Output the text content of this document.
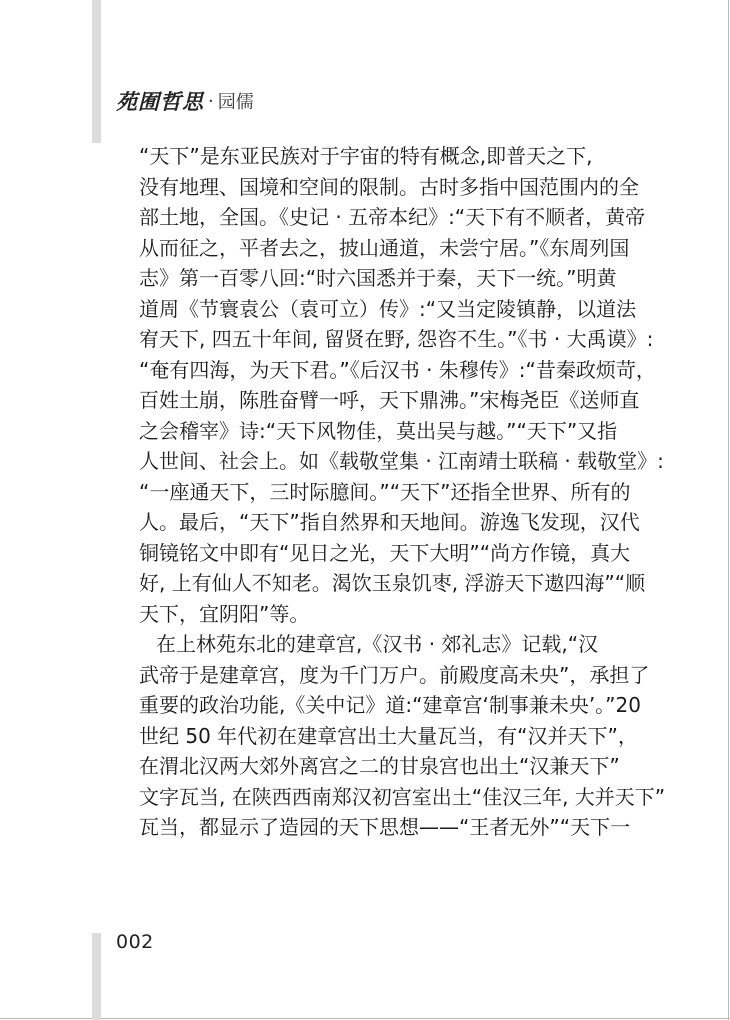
苑囿哲思 · 园儒
“天下”是东亚民族对于宇宙的特有概念,即普天之下,
没有地理、国境和空间的限制。古时多指中国范围内的全
部土地，全国。《史记 · 五帝本纪》:“天下有不顺者，黄帝
从而征之，平者去之，披山通道，未尝宁居。”《东周列国
志》第一百零八回:“时六国悉并于秦，天下一统。”明黄
道周《节寰袁公（袁可立）传》:“又当定陵镇静，以道法
宥天下, 四五十年间, 留贤在野, 怨咨不生。”《书 · 大禹谟》:
“奄有四海，为天下君。”《后汉书 · 朱穆传》:“昔秦政烦苛，
百姓土崩，陈胜奋臂一呼，天下鼎沸。”宋梅尧臣《送师直
之会稽宰》诗:“天下风物佳，莫出吴与越。”“天下”又指
人世间、社会上。如《载敬堂集 · 江南靖士联稿 · 载敬堂》:
“一座通天下，三时际臆间。”“天下”还指全世界、所有的
人。最后，“天下”指自然界和天地间。游逸飞发现，汉代
铜镜铭文中即有“见日之光，天下大明”“尚方作镜，真大
好, 上有仙人不知老。渴饮玉泉饥枣, 浮游天下遨四海”“顺
天下，宜阴阳”等。
在上林苑东北的建章宫,《汉书 · 郊礼志》记载,“汉
武帝于是建章宫，度为千门万户。前殿度高未央”，承担了
重要的政治功能,《关中记》道:“建章宫‘制事兼未央’。”20
世纪 50 年代初在建章宫出土大量瓦当，有“汉并天下”，
在渭北汉两大郊外离宫之二的甘泉宫也出土“汉兼天下”
文字瓦当, 在陕西西南郑汉初宫室出土“佳汉三年, 大并天下”
瓦当，都显示了造园的天下思想——“王者无外”“天下一
002
